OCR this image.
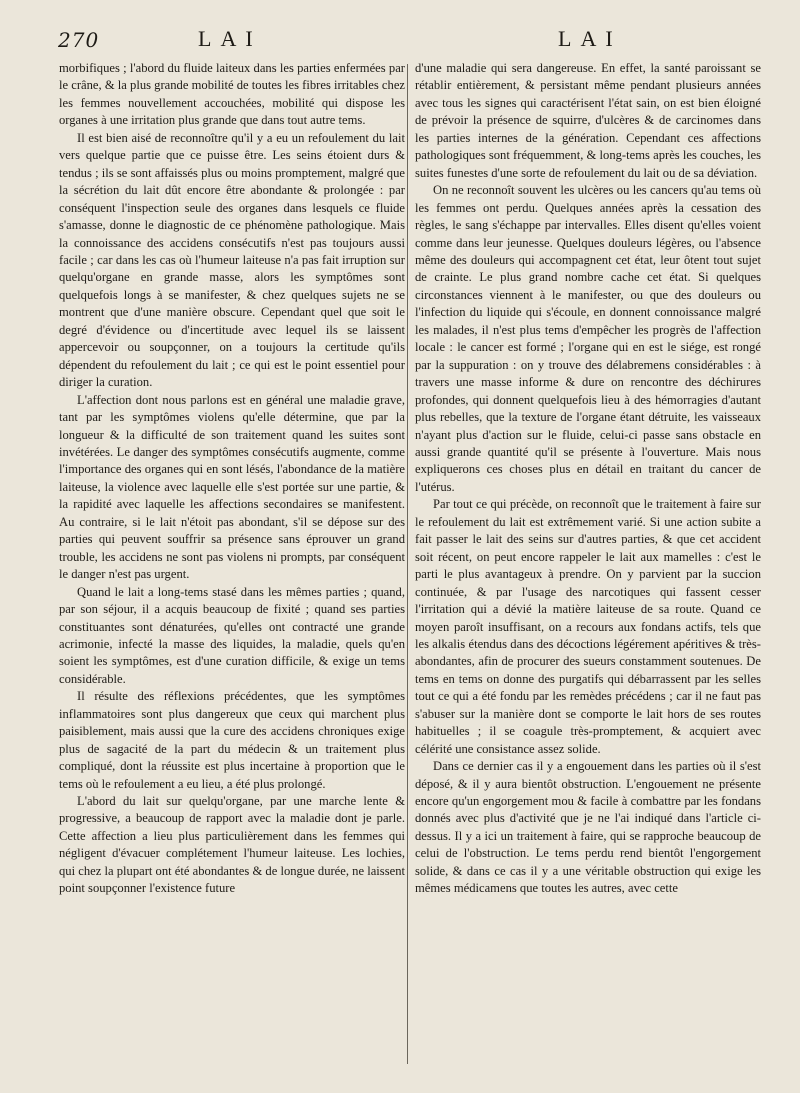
270	LAI	LAI

morbifiques ; l'abord du fluide laiteux dans les parties enfermées par le crâne, & la plus grande mobilité de toutes les fibres irritables chez les femmes nouvellement accouchées, mobilité qui dispose les organes à une irritation plus grande que dans tout autre tems.

Il est bien aisé de reconnoître qu'il y a eu un refoulement du lait vers quelque partie que ce puisse être. Les seins étoient durs & tendus ; ils se sont affaissés plus ou moins promptement, malgré que la sécrétion du lait dût encore être abondante & prolongée : par conséquent l'inspection seule des organes dans lesquels ce fluide s'amasse, donne le diagnostic de ce phénomène pathologique. Mais la connoissance des accidens consécutifs n'est pas toujours aussi facile ; car dans les cas où l'humeur laiteuse n'a pas fait irruption sur quelqu'organe en grande masse, alors les symptômes sont quelquefois longs à se manifester, & chez quelques sujets ne se montrent que d'une manière obscure. Cependant quel que soit le degré d'évidence ou d'incertitude avec lequel ils se laissent appercevoir ou soupçonner, on a toujours la certitude qu'ils dépendent du refoulement du lait ; ce qui est le point essentiel pour diriger la curation.

L'affection dont nous parlons est en général une maladie grave, tant par les symptômes violens qu'elle détermine, que par la longueur & la difficulté de son traitement quand les suites sont invétérées. Le danger des symptômes consécutifs augmente, comme l'importance des organes qui en sont lésés, l'abondance de la matière laiteuse, la violence avec laquelle elle s'est portée sur une partie, & la rapidité avec laquelle les affections secondaires se manifestent. Au contraire, si le lait n'étoit pas abondant, s'il se dépose sur des parties qui peuvent souffrir sa présence sans éprouver un grand trouble, les accidens ne sont pas violens ni prompts, par conséquent le danger n'est pas urgent.

Quand le lait a long-tems stasé dans les mêmes parties ; quand, par son séjour, il a acquis beaucoup de fixité ; quand ses parties constituantes sont dénaturées, qu'elles ont contracté une grande acrimonie, infecté la masse des liquides, la maladie, quels qu'en soient les symptômes, est d'une curation difficile, & exige un tems considérable.

Il résulte des réflexions précédentes, que les symptômes inflammatoires sont plus dangereux que ceux qui marchent plus paisiblement, mais aussi que la cure des accidens chroniques exige plus de sagacité de la part du médecin & un traitement plus compliqué, dont la réussite est plus incertaine à proportion que le tems où le refoulement a eu lieu, a été plus prolongé.

L'abord du lait sur quelqu'organe, par une marche lente & progressive, a beaucoup de rapport avec la maladie dont je parle. Cette affection a lieu plus particulièrement dans les femmes qui négligent d'évacuer complétement l'humeur laiteuse. Les lochies, qui chez la plupart ont été abondantes & de longue durée, ne laissent point soupçonner l'existence future

d'une maladie qui sera dangereuse. En effet, la santé paroissant se rétablir entièrement, & persistant même pendant plusieurs années avec tous les signes qui caractérisent l'état sain, on est bien éloigné de prévoir la présence de squirre, d'ulcères & de carcinomes dans les parties internes de la génération. Cependant ces affections pathologiques sont fréquemment, & long-tems après les couches, les suites funestes d'une sorte de refoulement du lait ou de sa déviation.

On ne reconnoît souvent les ulcères ou les cancers qu'au tems où les femmes ont perdu. Quelques années après la cessation des règles, le sang s'échappe par intervalles. Elles disent qu'elles voient comme dans leur jeunesse. Quelques douleurs légères, ou l'absence même des douleurs qui accompagnent cet état, leur ôtent tout sujet de crainte. Le plus grand nombre cache cet état. Si quelques circonstances viennent à le manifester, ou que des douleurs ou l'infection du liquide qui s'écoule, en donnent connoissance malgré les malades, il n'est plus tems d'empêcher les progrès de l'affection locale : le cancer est formé ; l'organe qui en est le siége, est rongé par la suppuration : on y trouve des délabremens considérables : à travers une masse informe & dure on rencontre des déchirures profondes, qui donnent quelquefois lieu à des hémorragies d'autant plus rebelles, que la texture de l'organe étant détruite, les vaisseaux n'ayant plus d'action sur le fluide, celui-ci passe sans obstacle en aussi grande quantité qu'il se présente à l'ouverture. Mais nous expliquerons ces choses plus en détail en traitant du cancer de l'utérus.

Par tout ce qui précède, on reconnoît que le traitement à faire sur le refoulement du lait est extrêmement varié. Si une action subite a fait passer le lait des seins sur d'autres parties, & que cet accident soit récent, on peut encore rappeler le lait aux mamelles : c'est le parti le plus avantageux à prendre. On y parvient par la succion continuée, & par l'usage des narcotiques qui fassent cesser l'irritation qui a dévié la matière laiteuse de sa route. Quand ce moyen paroît insuffisant, on a recours aux fondans actifs, tels que les alkalis étendus dans des décoctions légérement apéritives & très-abondantes, afin de procurer des sueurs constamment soutenues. De tems en tems on donne des purgatifs qui débarrassent par les selles tout ce qui a été fondu par les remèdes précédens ; car il ne faut pas s'abuser sur la manière dont se comporte le lait hors de ses routes habituelles ; il se coagule très-promptement, & acquiert avec célérité une consistance assez solide.

Dans ce dernier cas il y a engouement dans les parties où il s'est déposé, & il y aura bientôt obstruction. L'engouement ne présente encore qu'un engorgement mou & facile à combattre par les fondans donnés avec plus d'activité que je ne l'ai indiqué dans l'article ci-dessus. Il y a ici un traitement à faire, qui se rapproche beaucoup de celui de l'obstruction. Le tems perdu rend bientôt l'engorgement solide, & dans ce cas il y a une véritable obstruction qui exige les mêmes médicamens que toutes les autres, avec cette
